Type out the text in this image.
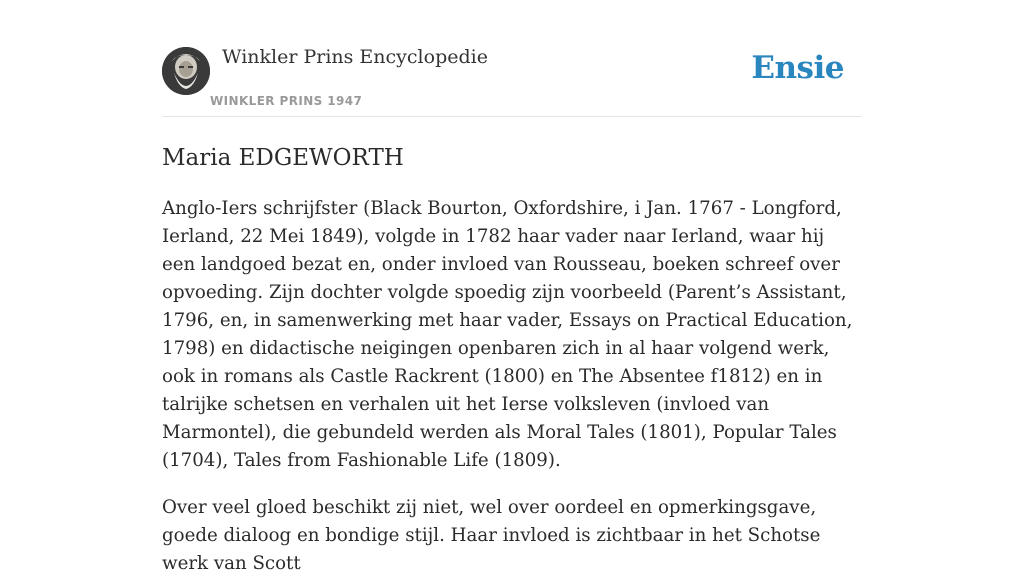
Winkler Prins Encyclopedie
WINKLER PRINS 1947
Ensie
Maria EDGEWORTH

Anglo-Iers schrijfster (Black Bourton, Oxfordshire, i Jan. 1767 - Longford, Ierland, 22 Mei 1849), volgde in 1782 haar vader naar Ierland, waar hij een landgoed bezat en, onder invloed van Rousseau, boeken schreef over opvoeding. Zijn dochter volgde spoedig zijn voorbeeld (Parent’s Assistant, 1796, en, in samenwerking met haar vader, Essays on Practical Education, 1798) en didactische neigingen openbaren zich in al haar volgend werk, ook in romans als Castle Rackrent (1800) en The Absentee f1812) en in talrijke schetsen en verhalen uit het Ierse volksleven (invloed van Marmontel), die gebundeld werden als Moral Tales (1801), Popular Tales (1704), Tales from Fashionable Life (1809).

Over veel gloed beschikt zij niet, wel over oordeel en opmerkingsgave, goede dialoog en bondige stijl. Haar invloed is zichtbaar in het Schotse werk van Scott
